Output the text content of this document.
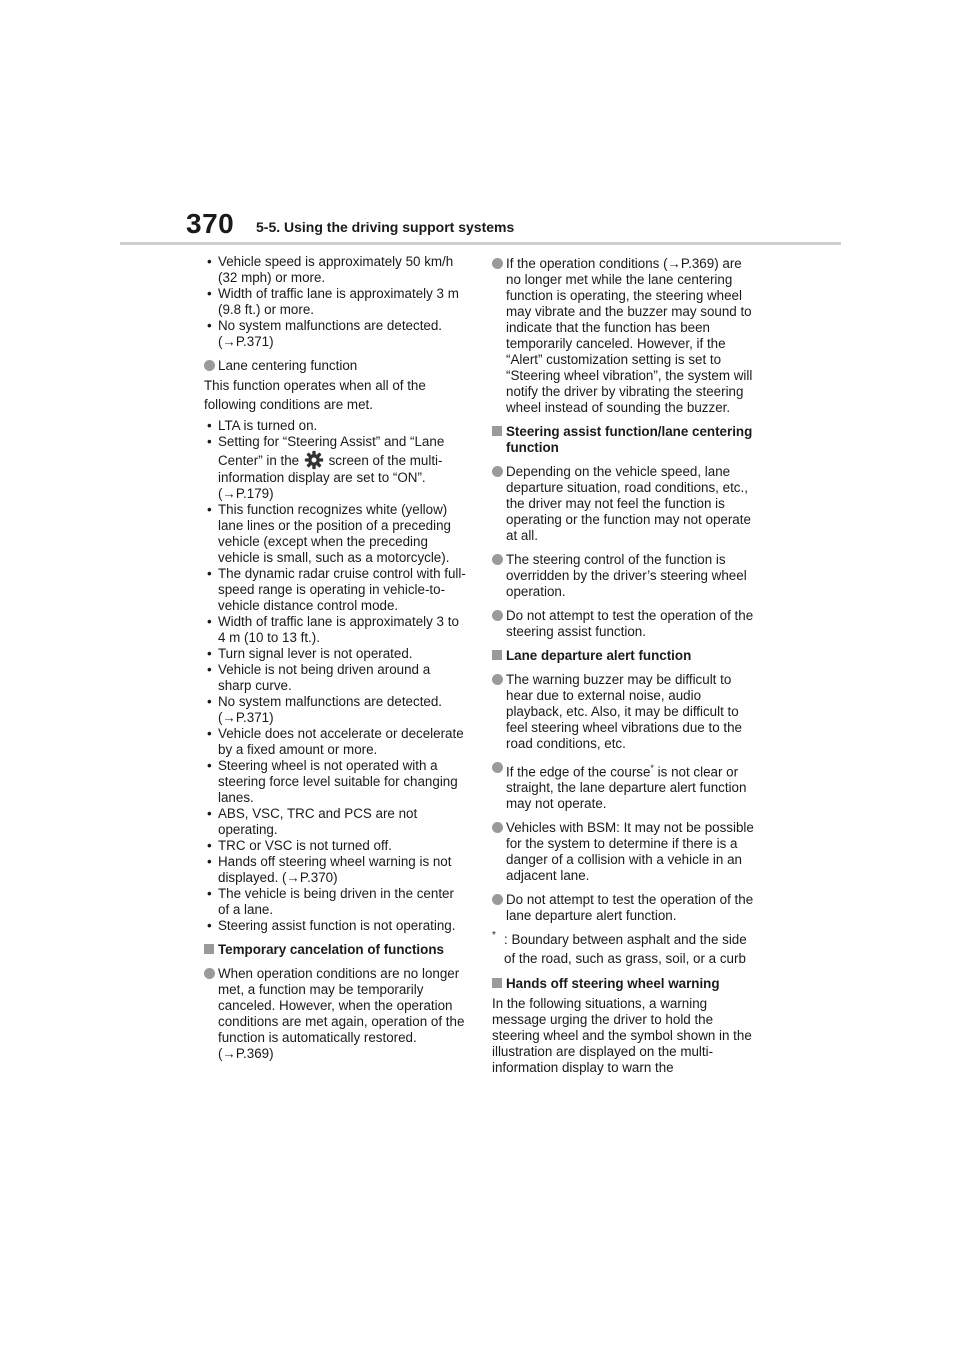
370 5-5. Using the driving support systems
• Vehicle speed is approximately 50 km/h (32 mph) or more.
• Width of traffic lane is approximately 3 m (9.8 ft.) or more.
• No system malfunctions are detected. (→P.371)
Lane centering function
This function operates when all of the following conditions are met.
• LTA is turned on.
• Setting for “Steering Assist” and “Lane Center” in the screen of the multi-information display are set to “ON”. (→P.179)
• This function recognizes white (yellow) lane lines or the position of a preceding vehicle (except when the preceding vehicle is small, such as a motorcycle).
• The dynamic radar cruise control with full-speed range is operating in vehicle-to-vehicle distance control mode.
• Width of traffic lane is approximately 3 to 4 m (10 to 13 ft.).
• Turn signal lever is not operated.
• Vehicle is not being driven around a sharp curve.
• No system malfunctions are detected. (→P.371)
• Vehicle does not accelerate or decelerate by a fixed amount or more.
• Steering wheel is not operated with a steering force level suitable for changing lanes.
• ABS, VSC, TRC and PCS are not operating.
• TRC or VSC is not turned off.
• Hands off steering wheel warning is not displayed. (→P.370)
• The vehicle is being driven in the center of a lane.
• Steering assist function is not operating.
Temporary cancelation of functions
When operation conditions are no longer met, a function may be temporarily canceled. However, when the operation conditions are met again, operation of the function is automatically restored. (→P.369)
If the operation conditions (→P.369) are no longer met while the lane centering function is operating, the steering wheel may vibrate and the buzzer may sound to indicate that the function has been temporarily canceled. However, if the “Alert” customization setting is set to “Steering wheel vibration”, the system will notify the driver by vibrating the steering wheel instead of sounding the buzzer.
Steering assist function/lane centering function
Depending on the vehicle speed, lane departure situation, road conditions, etc., the driver may not feel the function is operating or the function may not operate at all.
The steering control of the function is overridden by the driver’s steering wheel operation.
Do not attempt to test the operation of the steering assist function.
Lane departure alert function
The warning buzzer may be difficult to hear due to external noise, audio playback, etc. Also, it may be difficult to feel steering wheel vibrations due to the road conditions, etc.
If the edge of the course* is not clear or straight, the lane departure alert function may not operate.
Vehicles with BSM: It may not be possible for the system to determine if there is a danger of a collision with a vehicle in an adjacent lane.
Do not attempt to test the operation of the lane departure alert function.
* : Boundary between asphalt and the side of the road, such as grass, soil, or a curb
Hands off steering wheel warning
In the following situations, a warning message urging the driver to hold the steering wheel and the symbol shown in the illustration are displayed on the multi-information display to warn the
